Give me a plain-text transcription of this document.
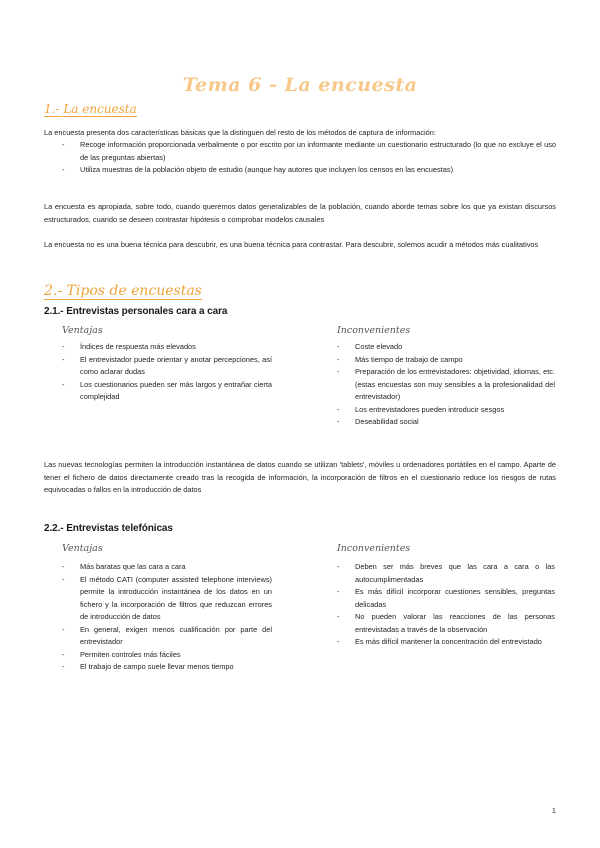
Tema 6 - La encuesta
1.- La encuesta
La encuesta presenta dos características básicas que la distinguen del resto de los métodos de captura de información:
- Recoge información proporcionada verbalmente o por escrito por un informante mediante un cuestionario estructurado (lo que no excluye el uso de las preguntas abiertas)
- Utiliza muestras de la población objeto de estudio (aunque hay autores que incluyen los censos en las encuestas)
La encuesta es apropiada, sobre todo, cuando queremos datos generalizables de la población, cuando aborde temas sobre los que ya existan discursos estructurados, cuando se deseen contrastar hipótesis o comprobar modelos causales
La encuesta no es una buena técnica para descubrir, es una buena técnica para contrastar. Para descubrir, solemos acudir a métodos más cualitativos
2.- Tipos de encuestas
2.1.- Entrevistas personales cara a cara
Ventajas
- Índices de respuesta más elevados
- El entrevistador puede orientar y anotar percepciones, así como aclarar dudas
- Los cuestionarios pueden ser más largos y entrañar cierta complejidad
Inconvenientes
- Coste elevado
- Más tiempo de trabajo de campo
- Preparación de los entrevistadores: objetividad, idiomas, etc. (estas encuestas son muy sensibles a la profesionalidad del entrevistador)
- Los entrevistadores pueden introducir sesgos
- Deseabilidad social
Las nuevas tecnologías permiten la introducción instantánea de datos cuando se utilizan 'tablets', móviles u ordenadores portátiles en el campo. Aparte de tener el fichero de datos directamente creado tras la recogida de información, la incorporación de filtros en el cuestionario reduce los riesgos de rutas equivocadas o fallos en la introducción de datos
2.2.- Entrevistas telefónicas
Ventajas
- Más baratas que las cara a cara
- El método CATI (computer assisted telephone interviews) permite la introducción instantánea de los datos en un fichero y la incorporación de filtros que reduzcan errores de introducción de datos
- En general, exigen menos cualificación por parte del entrevistador
- Permiten controles más fáciles
- El trabajo de campo suele llevar menos tiempo
Inconvenientes
- Deben ser más breves que las cara a cara o las autocumplimentadas
- Es más difícil incorporar cuestiones sensibles, preguntas delicadas
- No pueden valorar las reacciones de las personas entrevistadas a través de la observación
- Es más difícil mantener la concentración del entrevistado
1
